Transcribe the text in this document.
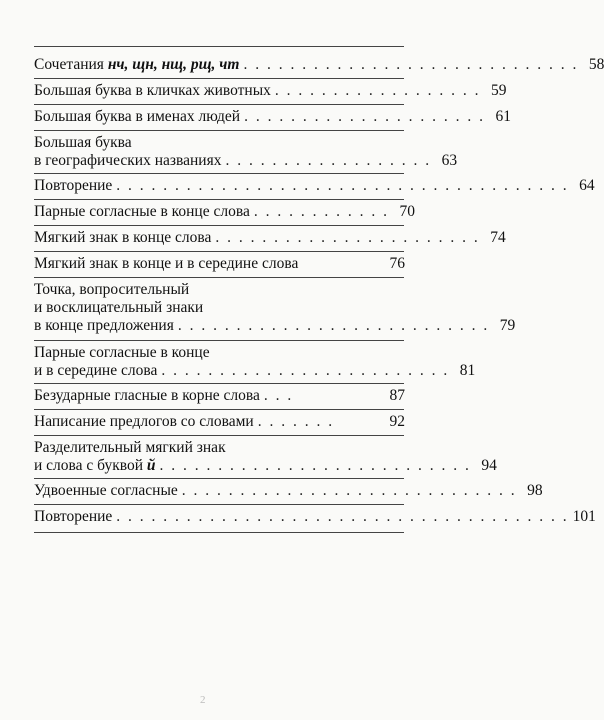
Сочетания нч, щн, нщ, рщ, чт . . . . . . . . . . . . . . . . . . . . . . . . . . . . . 58
Большая буква в кличках животных . . . . . . . . . . . . . . . . . . 59
Большая буква в именах людей . . . . . . . . . . . . . . . . . . . . . 61
Большая буква
в географических названиях . . . . . . . . . . . . . . . . . . 63
Повторение . . . . . . . . . . . . . . . . . . . . . . . . . . . . . . . . . . . . . . . 64
Парные согласные в конце слова . . . . . . . . . . . . 70
Мягкий знак в конце слова . . . . . . . . . . . . . . . . . . . . . . . 74
Мягкий знак в конце и в середине слова	76
Точка, вопросительный
и восклицательный знаки
в конце предложения . . . . . . . . . . . . . . . . . . . . . . . . . . . 79
Парные согласные в конце
и в середине слова . . . . . . . . . . . . . . . . . . . . . . . . . 81
Безударные гласные в корне слова . . .	87
Написание предлогов со словами . . . . . . .	92
Разделительный мягкий знак
и слова с буквой й . . . . . . . . . . . . . . . . . . . . . . . . . . . 94
Удвоенные согласные . . . . . . . . . . . . . . . . . . . . . . . . . . . . . 98
Повторение . . . . . . . . . . . . . . . . . . . . . . . . . . . . . . . . . . . . . . . 101
2
